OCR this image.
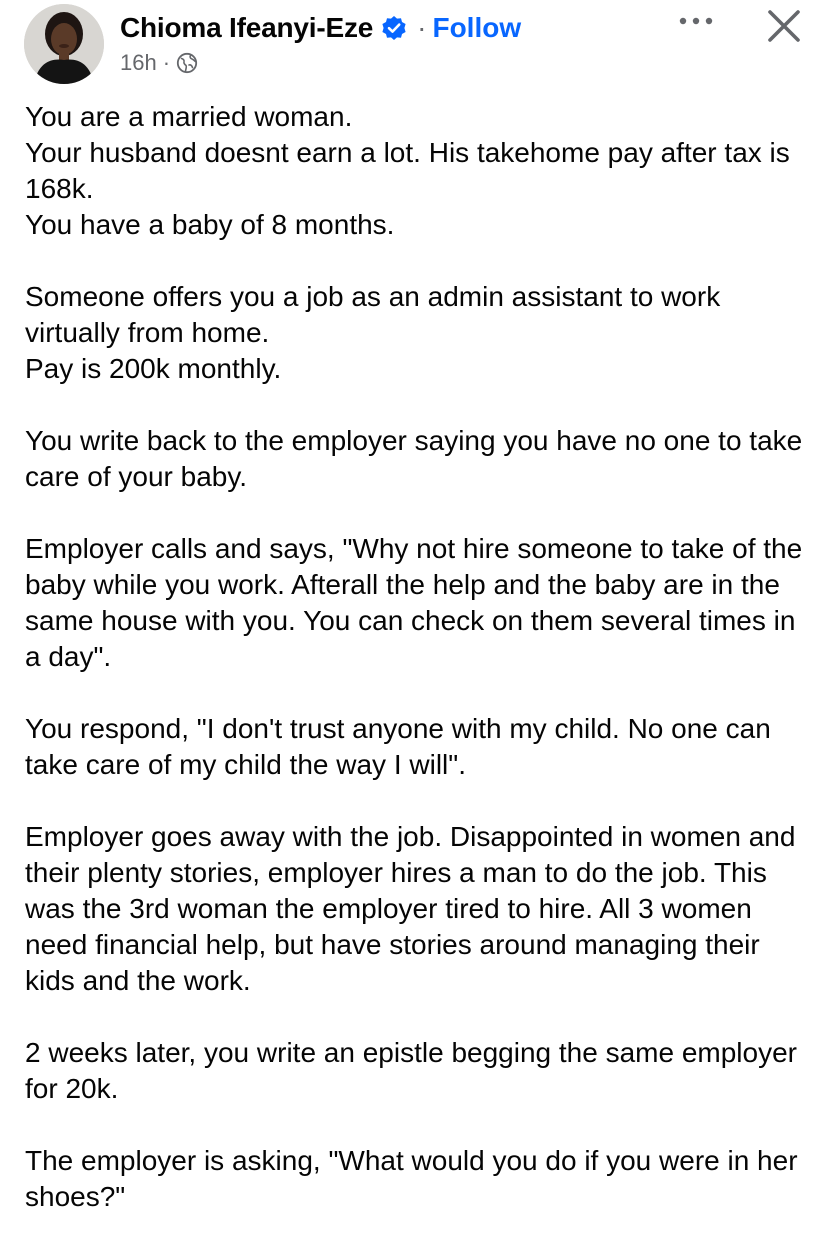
Chioma Ifeanyi-Eze · Follow
16h ·
You are a married woman.
Your husband doesnt earn a lot. His takehome pay after tax is 168k.
You have a baby of 8 months.
Someone offers you a job as an admin assistant to work virtually from home.
Pay is 200k monthly.
You write back to the employer saying you have no one to take care of your baby.
Employer calls and says, "Why not hire someone to take of the baby while you work. Afterall the help and the baby are in the same house with you. You can check on them several times in a day".
You respond, "I don't trust anyone with my child. No one can take care of my child the way I will".
Employer goes away with the job. Disappointed in women and their plenty stories, employer hires a man to do the job. This was the 3rd woman the employer tired to hire. All 3 women need financial help, but have stories around managing their kids and the work.
2 weeks later, you write an epistle begging the same employer for 20k.
The employer is asking, "What would you do if you were in her shoes?"
